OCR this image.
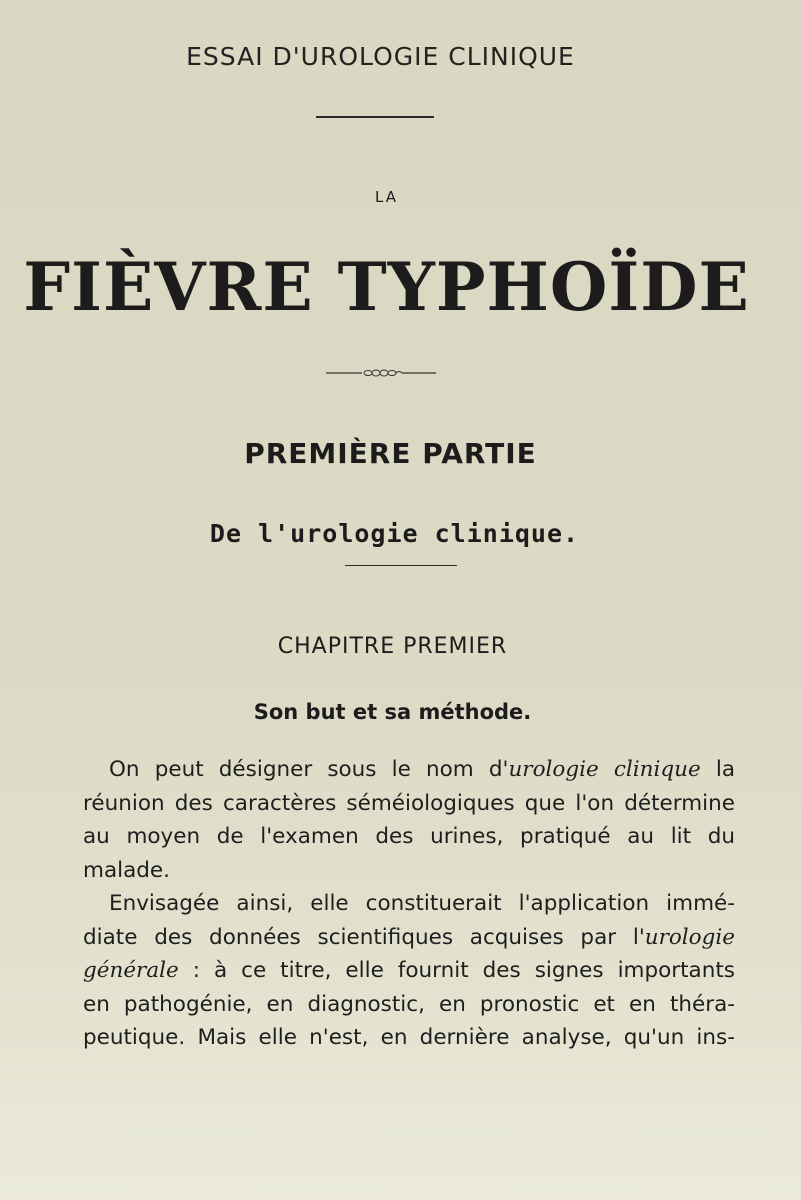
ESSAI D'UROLOGIE CLINIQUE
LA
FIÈVRE TYPHOÏDE
PREMIÈRE PARTIE
De l'urologie clinique.
CHAPITRE PREMIER
Son but et sa méthode.
On peut désigner sous le nom d'urologie clinique la
réunion des caractères séméiologiques que l'on détermine
au moyen de l'examen des urines, pratiqué au lit du
malade.
Envisagée ainsi, elle constituerait l'application immé-
diate des données scientifiques acquises par l'urologie
générale : à ce titre, elle fournit des signes importants
en pathogénie, en diagnostic, en pronostic et en théra-
peutique. Mais elle n'est, en dernière analyse, qu'un ins-
